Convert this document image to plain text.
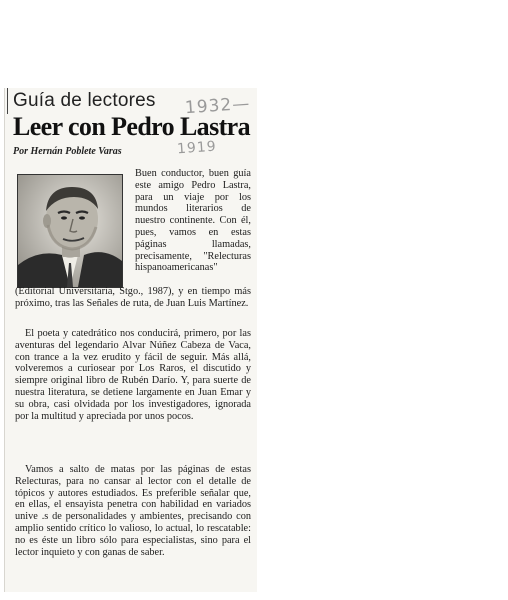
Guía de lectores 1932—
Leer con Pedro Lastra
1919
Por Hernán Poblete Varas
Buen conductor, buen guía este amigo Pedro Lastra, para un viaje por los mundos literarios de nuestro continente. Con él, pues, vamos en estas páginas llamadas, precisamente, "Relecturas hispanoamericanas"
(Editorial Universitaria, Stgo., 1987), y en tiempo más próximo, tras las Señales de ruta, de Juan Luis Martínez.
El poeta y catedrático nos conducirá, primero, por las aventuras del legendario Alvar Núñez Cabeza de Vaca, con trance a la vez erudito y fácil de seguir. Más allá, volveremos a curiosear por Los Raros, el discutido y siempre original libro de Rubén Darío. Y, para suerte de nuestra literatura, se detiene largamente en Juan Emar y su obra, casi olvidada por los investigadores, ignorada por la multitud y apreciada por unos pocos.
Vamos a salto de matas por las páginas de estas Relecturas, para no cansar al lector con el detalle de tópicos y autores estudiados. Es preferible señalar que, en ellas, el ensayista penetra con habilidad en variados unive .s de personalidades y ambientes, precisando con amplio sentido crítico lo valioso, lo actual, lo rescatable: no es éste un libro sólo para especialistas, sino para el lector inquieto y con ganas de saber.
